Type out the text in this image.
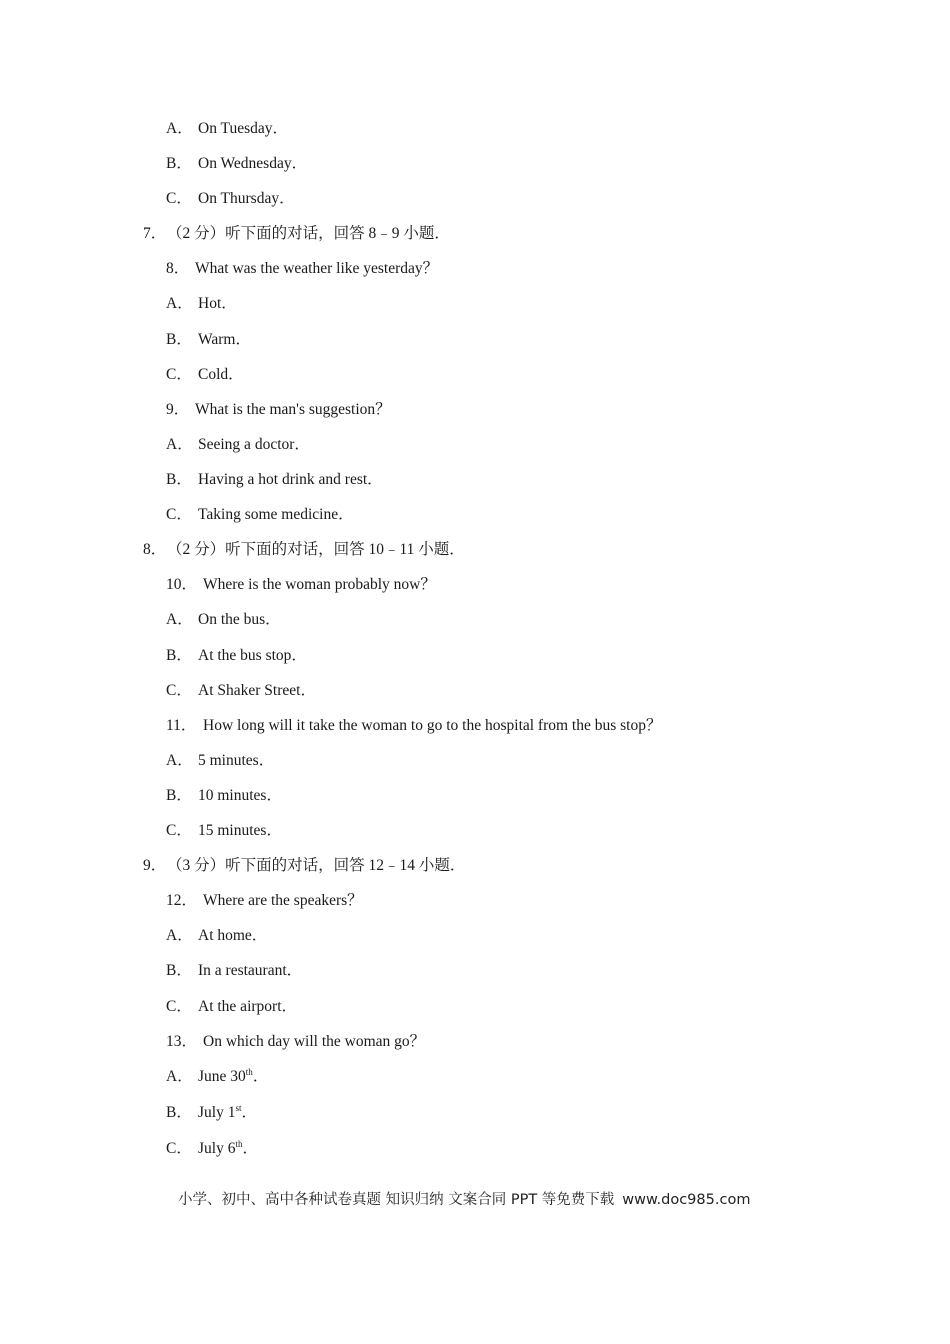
A． On Tuesday．
B． On Wednesday．
C． On Thursday．
7．（2 分）听下面的对话，回答 8﹣9 小题．
8． What was the weather like yesterday？
A． Hot．
B． Warm．
C． Cold．
9． What is the man's suggestion？
A． Seeing a doctor．
B． Having a hot drink and rest．
C． Taking some medicine．
8．（2 分）听下面的对话，回答 10﹣11 小题．
10． Where is the woman probably now？
A． On the bus．
B． At the bus stop．
C． At Shaker Street．
11． How long will it take the woman to go to the hospital from the bus stop？
A． 5 minutes．
B． 10 minutes．
C． 15 minutes．
9．（3 分）听下面的对话，回答 12﹣14 小题．
12． Where are the speakers？
A． At home．
B． In a restaurant．
C． At the airport．
13． On which day will the woman go？
A． June 30th．
B． July 1st．
C． July 6th．
小学、初中、高中各种试卷真题 知识归纳 文案合同 PPT 等免费下载 www.doc985.com
